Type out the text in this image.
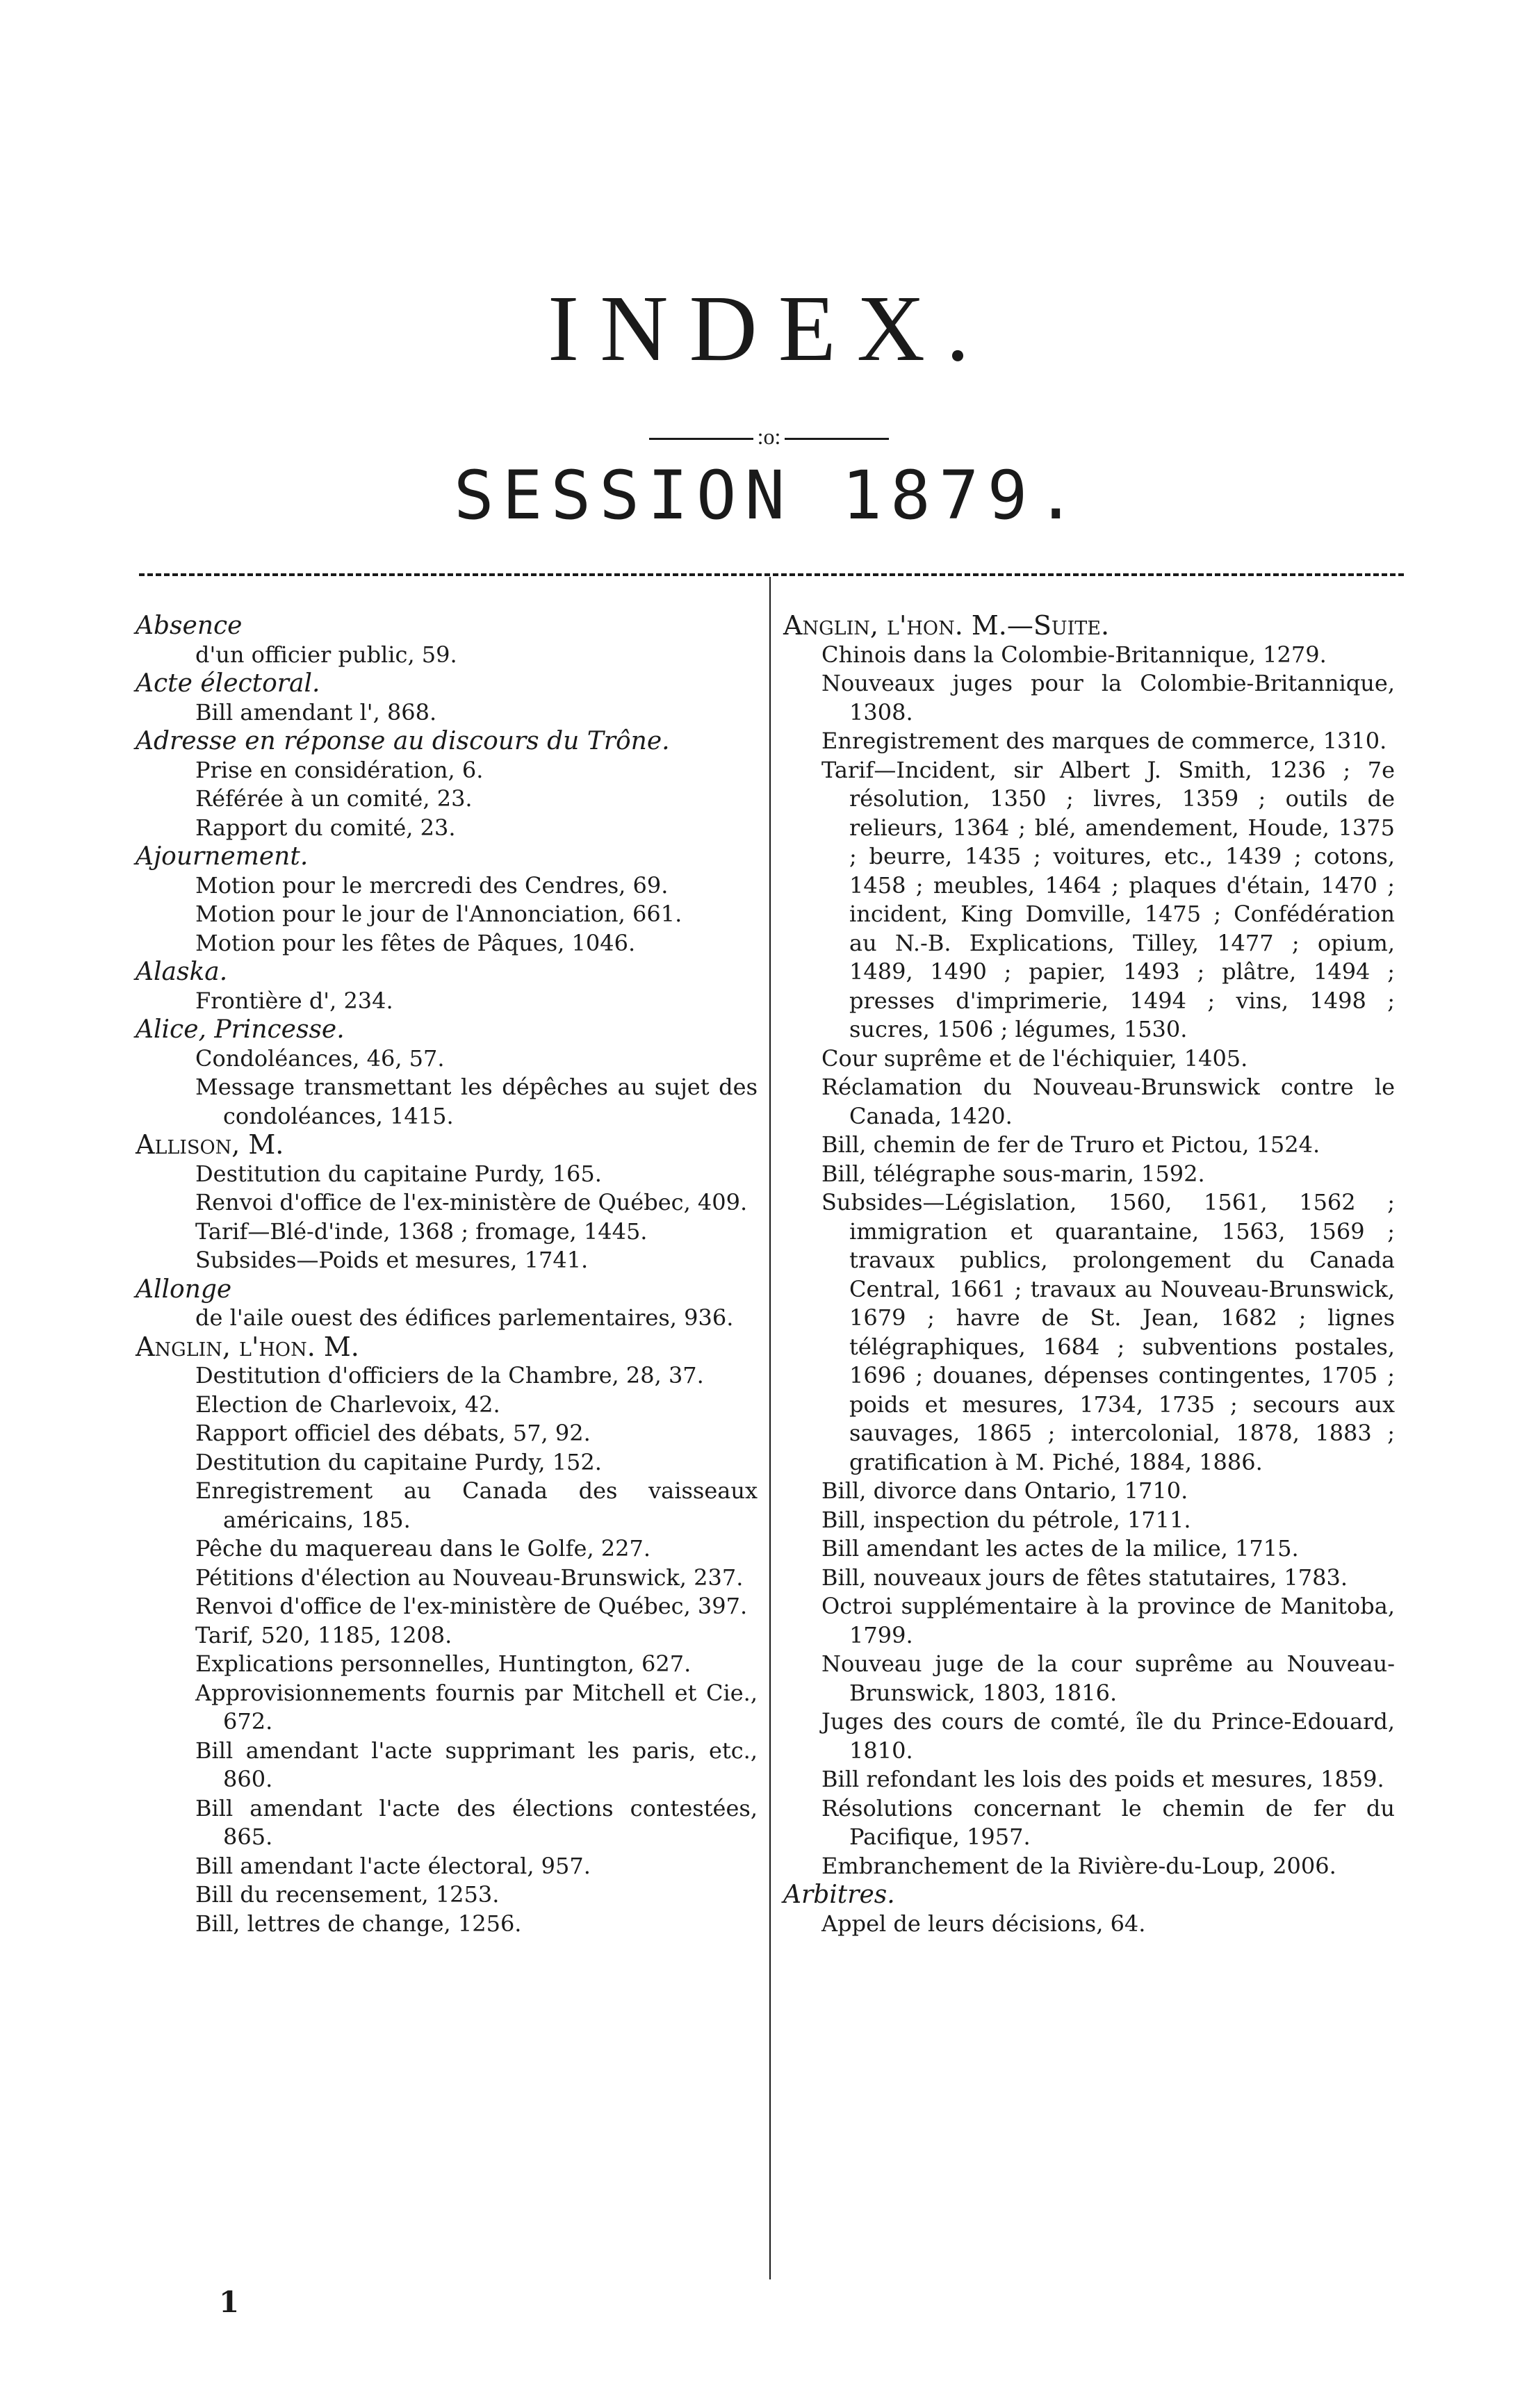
INDEX.
:o:
SESSION 1879.
Absence
d'un officier public, 59.
Acte électoral.
Bill amendant l', 868.
Adresse en réponse au discours du Trône.
Prise en considération, 6.
Référée à un comité, 23.
Rapport du comité, 23.
Ajournement.
Motion pour le mercredi des Cendres, 69.
Motion pour le jour de l'Annonciation, 661.
Motion pour les fêtes de Pâques, 1046.
Alaska.
Frontière d', 234.
Alice, Princesse.
Condoléances, 46, 57.
Message transmettant les dépêches au sujet des condoléances, 1415.
Allison, M.
Destitution du capitaine Purdy, 165.
Renvoi d'office de l'ex-ministère de Québec, 409.
Tarif—Blé-d'inde, 1368 ; fromage, 1445.
Subsides—Poids et mesures, 1741.
Allonge
de l'aile ouest des édifices parlementaires, 936.
Anglin, l'hon. M.
Destitution d'officiers de la Chambre, 28, 37.
Election de Charlevoix, 42.
Rapport officiel des débats, 57, 92.
Destitution du capitaine Purdy, 152.
Enregistrement au Canada des vaisseaux américains, 185.
Pêche du maquereau dans le Golfe, 227.
Pétitions d'élection au Nouveau-Brunswick, 237.
Renvoi d'office de l'ex-ministère de Québec, 397.
Tarif, 520, 1185, 1208.
Explications personnelles, Huntington, 627.
Approvisionnements fournis par Mitchell et Cie., 672.
Bill amendant l'acte supprimant les paris, etc., 860.
Bill amendant l'acte des élections contestées, 865.
Bill amendant l'acte électoral, 957.
Bill du recensement, 1253.
Bill, lettres de change, 1256.
Anglin, l'hon. M.—Suite.
Chinois dans la Colombie-Britannique, 1279.
Nouveaux juges pour la Colombie-Britannique, 1308.
Enregistrement des marques de commerce, 1310.
Tarif—Incident, sir Albert J. Smith, 1236 ; 7e résolution, 1350 ; livres, 1359 ; outils de relieurs, 1364 ; blé, amendement, Houde, 1375 ; beurre, 1435 ; voitures, etc., 1439 ; cotons, 1458 ; meubles, 1464 ; plaques d'étain, 1470 ; incident, King Domville, 1475 ; Confédération au N.-B. Explications, Tilley, 1477 ; opium, 1489, 1490 ; papier, 1493 ; plâtre, 1494 ; presses d'imprimerie, 1494 ; vins, 1498 ; sucres, 1506 ; légumes, 1530.
Cour suprême et de l'échiquier, 1405.
Réclamation du Nouveau-Brunswick contre le Canada, 1420.
Bill, chemin de fer de Truro et Pictou, 1524.
Bill, télégraphe sous-marin, 1592.
Subsides—Législation, 1560, 1561, 1562 ; immigration et quarantaine, 1563, 1569 ; travaux publics, prolongement du Canada Central, 1661 ; travaux au Nouveau-Brunswick, 1679 ; havre de St. Jean, 1682 ; lignes télégraphiques, 1684 ; subventions postales, 1696 ; douanes, dépenses contingentes, 1705 ; poids et mesures, 1734, 1735 ; secours aux sauvages, 1865 ; intercolonial, 1878, 1883 ; gratification à M. Piché, 1884, 1886.
Bill, divorce dans Ontario, 1710.
Bill, inspection du pétrole, 1711.
Bill amendant les actes de la milice, 1715.
Bill, nouveaux jours de fêtes statutaires, 1783.
Octroi supplémentaire à la province de Manitoba, 1799.
Nouveau juge de la cour suprême au Nouveau-Brunswick, 1803, 1816.
Juges des cours de comté, île du Prince-Edouard, 1810.
Bill refondant les lois des poids et mesures, 1859.
Résolutions concernant le chemin de fer du Pacifique, 1957.
Embranchement de la Rivière-du-Loup, 2006.
Arbitres.
Appel de leurs décisions, 64.
1
